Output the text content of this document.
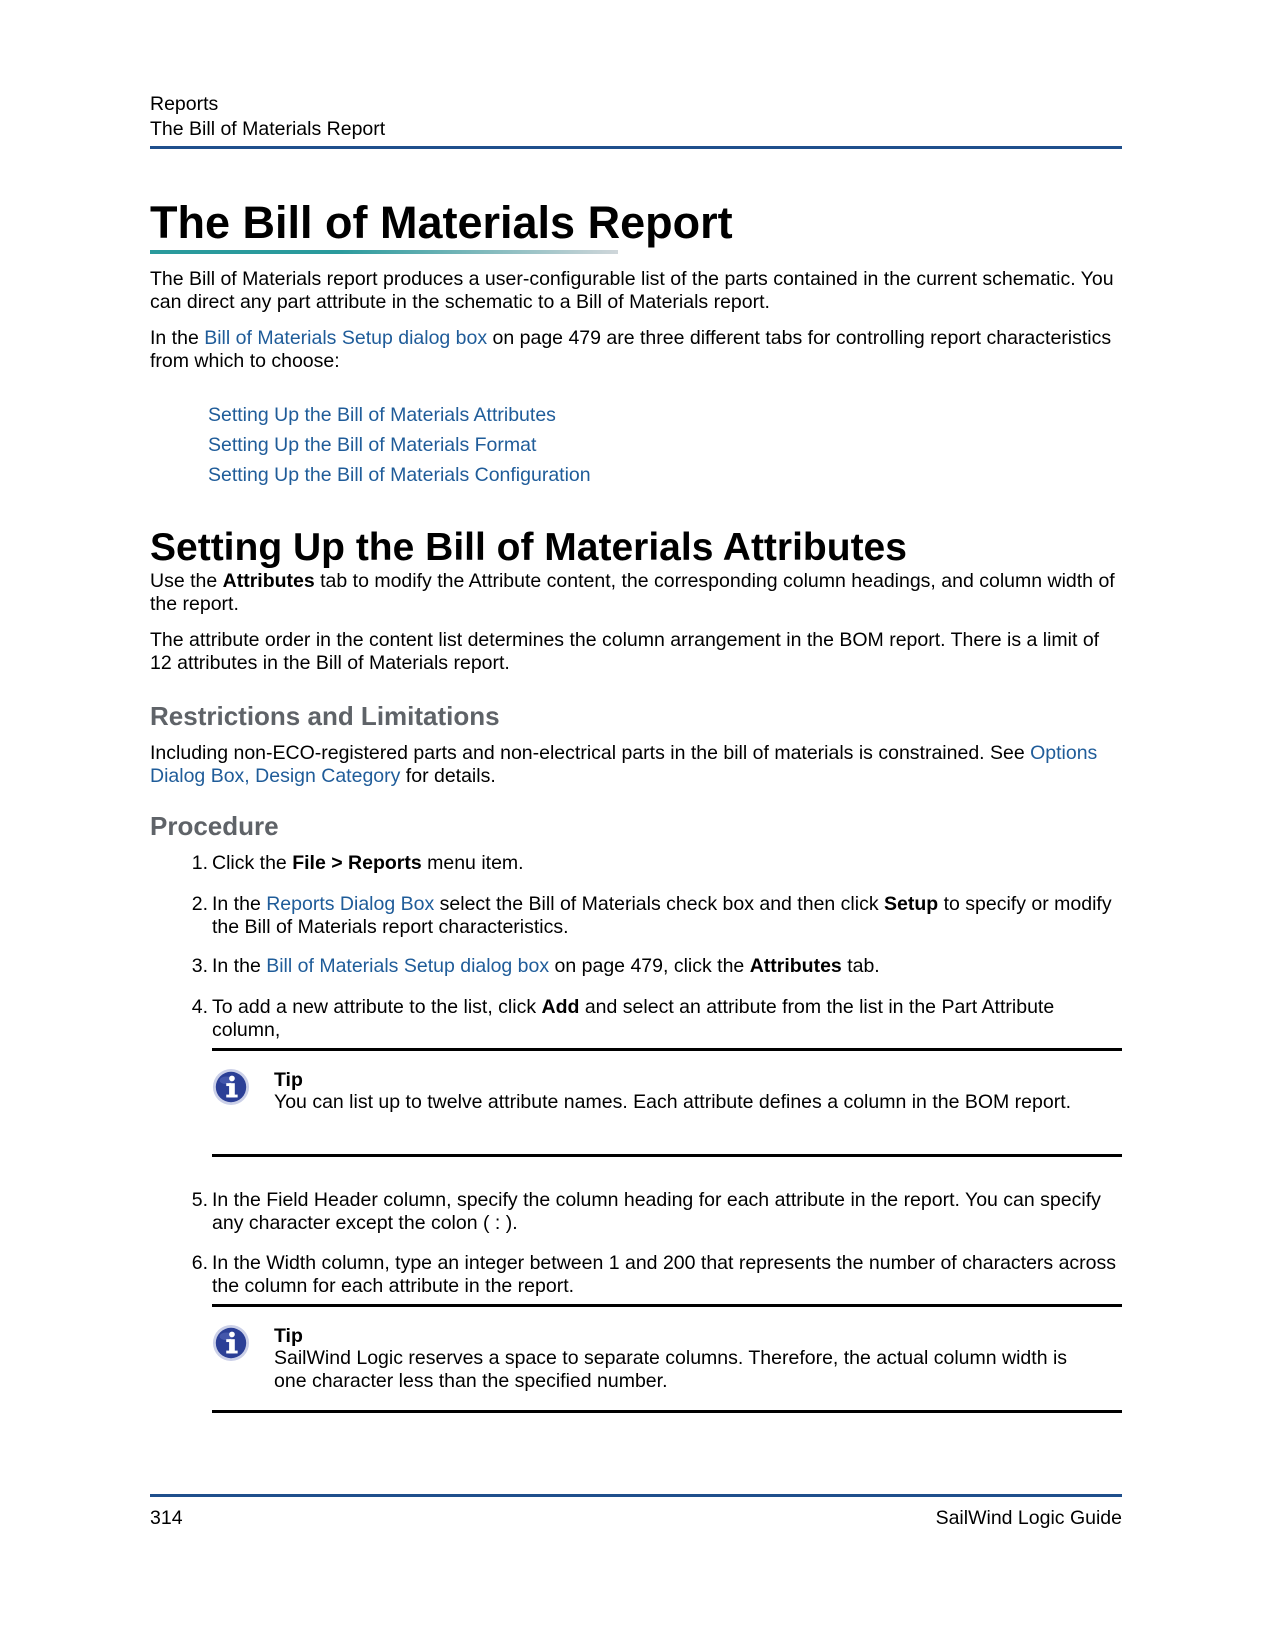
Reports
The Bill of Materials Report
The Bill of Materials Report

The Bill of Materials report produces a user-configurable list of the parts contained in the current schematic. You can direct any part attribute in the schematic to a Bill of Materials report.

In the Bill of Materials Setup dialog box on page 479 are three different tabs for controlling report characteristics from which to choose:

Setting Up the Bill of Materials Attributes
Setting Up the Bill of Materials Format
Setting Up the Bill of Materials Configuration
Setting Up the Bill of Materials Attributes

Use the Attributes tab to modify the Attribute content, the corresponding column headings, and column width of the report.

The attribute order in the content list determines the column arrangement in the BOM report. There is a limit of 12 attributes in the Bill of Materials report.

Restrictions and Limitations

Including non-ECO-registered parts and non-electrical parts in the bill of materials is constrained. See Options Dialog Box, Design Category for details.

Procedure
1. Click the File > Reports menu item.
2. In the Reports Dialog Box select the Bill of Materials check box and then click Setup to specify or modify the Bill of Materials report characteristics.
3. In the Bill of Materials Setup dialog box on page 479, click the Attributes tab.
4. To add a new attribute to the list, click Add and select an attribute from the list in the Part Attribute column,
Tip
You can list up to twelve attribute names. Each attribute defines a column in the BOM report.
5. In the Field Header column, specify the column heading for each attribute in the report. You can specify any character except the colon ( : ).
6. In the Width column, type an integer between 1 and 200 that represents the number of characters across the column for each attribute in the report.
Tip
SailWind Logic reserves a space to separate columns. Therefore, the actual column width is one character less than the specified number.
314	SailWind Logic Guide
